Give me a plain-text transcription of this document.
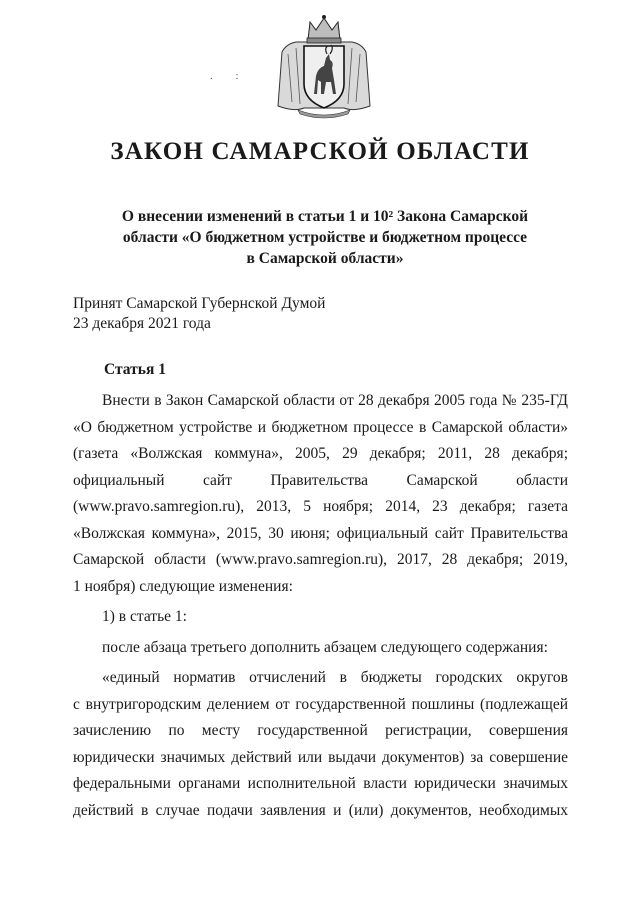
. :
ЗАКОН САМАРСКОЙ ОБЛАСТИ
О внесении изменений в статьи 1 и 10² Закона Самарской
области «О бюджетном устройстве и бюджетном процессе
в Самарской области»
Принят Самарской Губернской Думой
23 декабря 2021 года
Статья 1
Внести в Закон Самарской области от 28 декабря 2005 года № 235-ГД
«О бюджетном устройстве и бюджетном процессе в Самарской области»
(газета «Волжская коммуна», 2005, 29 декабря; 2011, 28 декабря;
официальный сайт Правительства Самарской области
(www.pravo.samregion.ru), 2013, 5 ноября; 2014, 23 декабря; газета
«Волжская коммуна», 2015, 30 июня; официальный сайт Правительства
Самарской области (www.pravo.samregion.ru), 2017, 28 декабря; 2019,
1 ноября) следующие изменения:
1) в статье 1:
после абзаца третьего дополнить абзацем следующего содержания:
«единый норматив отчислений в бюджеты городских округов
с внутригородским делением от государственной пошлины (подлежащей
зачислению по месту государственной регистрации, совершения
юридически значимых действий или выдачи документов) за совершение
федеральными органами исполнительной власти юридически значимых
действий в случае подачи заявления и (или) документов, необходимых
